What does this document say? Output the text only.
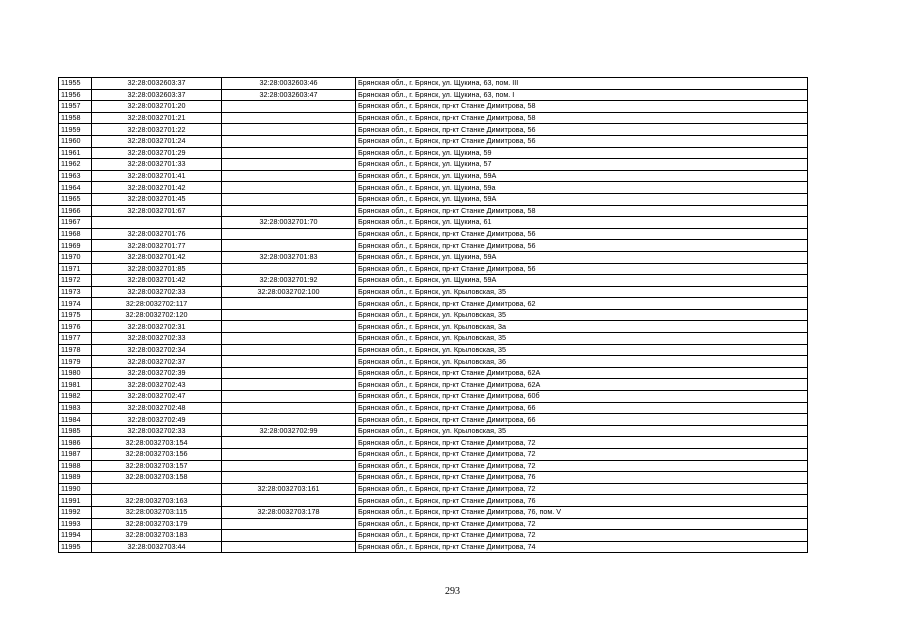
11955	32:28:0032603:37	32:28:0032603:46	Брянская обл., г. Брянск, ул. Щукина, 63, пом. III
11956	32:28:0032603:37	32:28:0032603:47	Брянская обл., г. Брянск, ул. Щукина, 63, пом. I
11957	32:28:0032701:20		Брянская обл., г. Брянск, пр-кт Станке Димитрова, 58
11958	32:28:0032701:21		Брянская обл., г. Брянск, пр-кт Станке Димитрова, 58
11959	32:28:0032701:22		Брянская обл., г. Брянск, пр-кт Станке Димитрова, 56
11960	32:28:0032701:24		Брянская обл., г. Брянск, пр-кт Станке Димитрова, 56
11961	32:28:0032701:29		Брянская обл., г. Брянск, ул. Щукина, 59
11962	32:28:0032701:33		Брянская обл., г. Брянск, ул. Щукина, 57
11963	32:28:0032701:41		Брянская обл., г. Брянск, ул. Щукина, 59А
11964	32:28:0032701:42		Брянская обл., г. Брянск, ул. Щукина, 59а
11965	32:28:0032701:45		Брянская обл., г. Брянск, ул. Щукина, 59А
11966	32:28:0032701:67		Брянская обл., г. Брянск, пр-кт Станке Димитрова, 58
11967		32:28:0032701:70	Брянская обл., г. Брянск, ул. Щукина, 61
11968	32:28:0032701:76		Брянская обл., г. Брянск, пр-кт Станке Димитрова, 56
11969	32:28:0032701:77		Брянская обл., г. Брянск, пр-кт Станке Димитрова, 56
11970	32:28:0032701:42	32:28:0032701:83	Брянская обл., г. Брянск, ул. Щукина, 59А
11971	32:28:0032701:85		Брянская обл., г. Брянск, пр-кт Станке Димитрова, 56
11972	32:28:0032701:42	32:28:0032701:92	Брянская обл., г. Брянск, ул. Щукина, 59А
11973	32:28:0032702:33	32:28:0032702:100	Брянская обл., г. Брянск, ул. Крыловская, 35
11974	32:28:0032702:117		Брянская обл., г. Брянск, пр-кт Станке Димитрова, 62
11975	32:28:0032702:120		Брянская обл., г. Брянск, ул. Крыловская, 35
11976	32:28:0032702:31		Брянская обл., г. Брянск, ул. Крыловская, 3а
11977	32:28:0032702:33		Брянская обл., г. Брянск, ул. Крыловская, 35
11978	32:28:0032702:34		Брянская обл., г. Брянск, ул. Крыловская, 35
11979	32:28:0032702:37		Брянская обл., г. Брянск, ул. Крыловская, 36
11980	32:28:0032702:39		Брянская обл., г. Брянск, пр-кт Станке Димитрова, 62А
11981	32:28:0032702:43		Брянская обл., г. Брянск, пр-кт Станке Димитрова, 62А
11982	32:28:0032702:47		Брянская обл., г. Брянск, пр-кт Станке Димитрова, 60б
11983	32:28:0032702:48		Брянская обл., г. Брянск, пр-кт Станке Димитрова, 66
11984	32:28:0032702:49		Брянская обл., г. Брянск, пр-кт Станке Димитрова, 66
11985	32:28:0032702:33	32:28:0032702:99	Брянская обл., г. Брянск, ул. Крыловская, 35
11986	32:28:0032703:154		Брянская обл., г. Брянск, пр-кт Станке Димитрова, 72
11987	32:28:0032703:156		Брянская обл., г. Брянск, пр-кт Станке Димитрова, 72
11988	32:28:0032703:157		Брянская обл., г. Брянск, пр-кт Станке Димитрова, 72
11989	32:28:0032703:158		Брянская обл., г. Брянск, пр-кт Станке Димитрова, 76
11990		32:28:0032703:161	Брянская обл., г. Брянск, пр-кт Станке Димитрова, 72
11991	32:28:0032703:163		Брянская обл., г. Брянск, пр-кт Станке Димитрова, 76
11992	32:28:0032703:115	32:28:0032703:178	Брянская обл., г. Брянск, пр-кт Станке Димитрова, 76, пом. V
11993	32:28:0032703:179		Брянская обл., г. Брянск, пр-кт Станке Димитрова, 72
11994	32:28:0032703:183		Брянская обл., г. Брянск, пр-кт Станке Димитрова, 72
11995	32:28:0032703:44		Брянская обл., г. Брянск, пр-кт Станке Димитрова, 74
293
